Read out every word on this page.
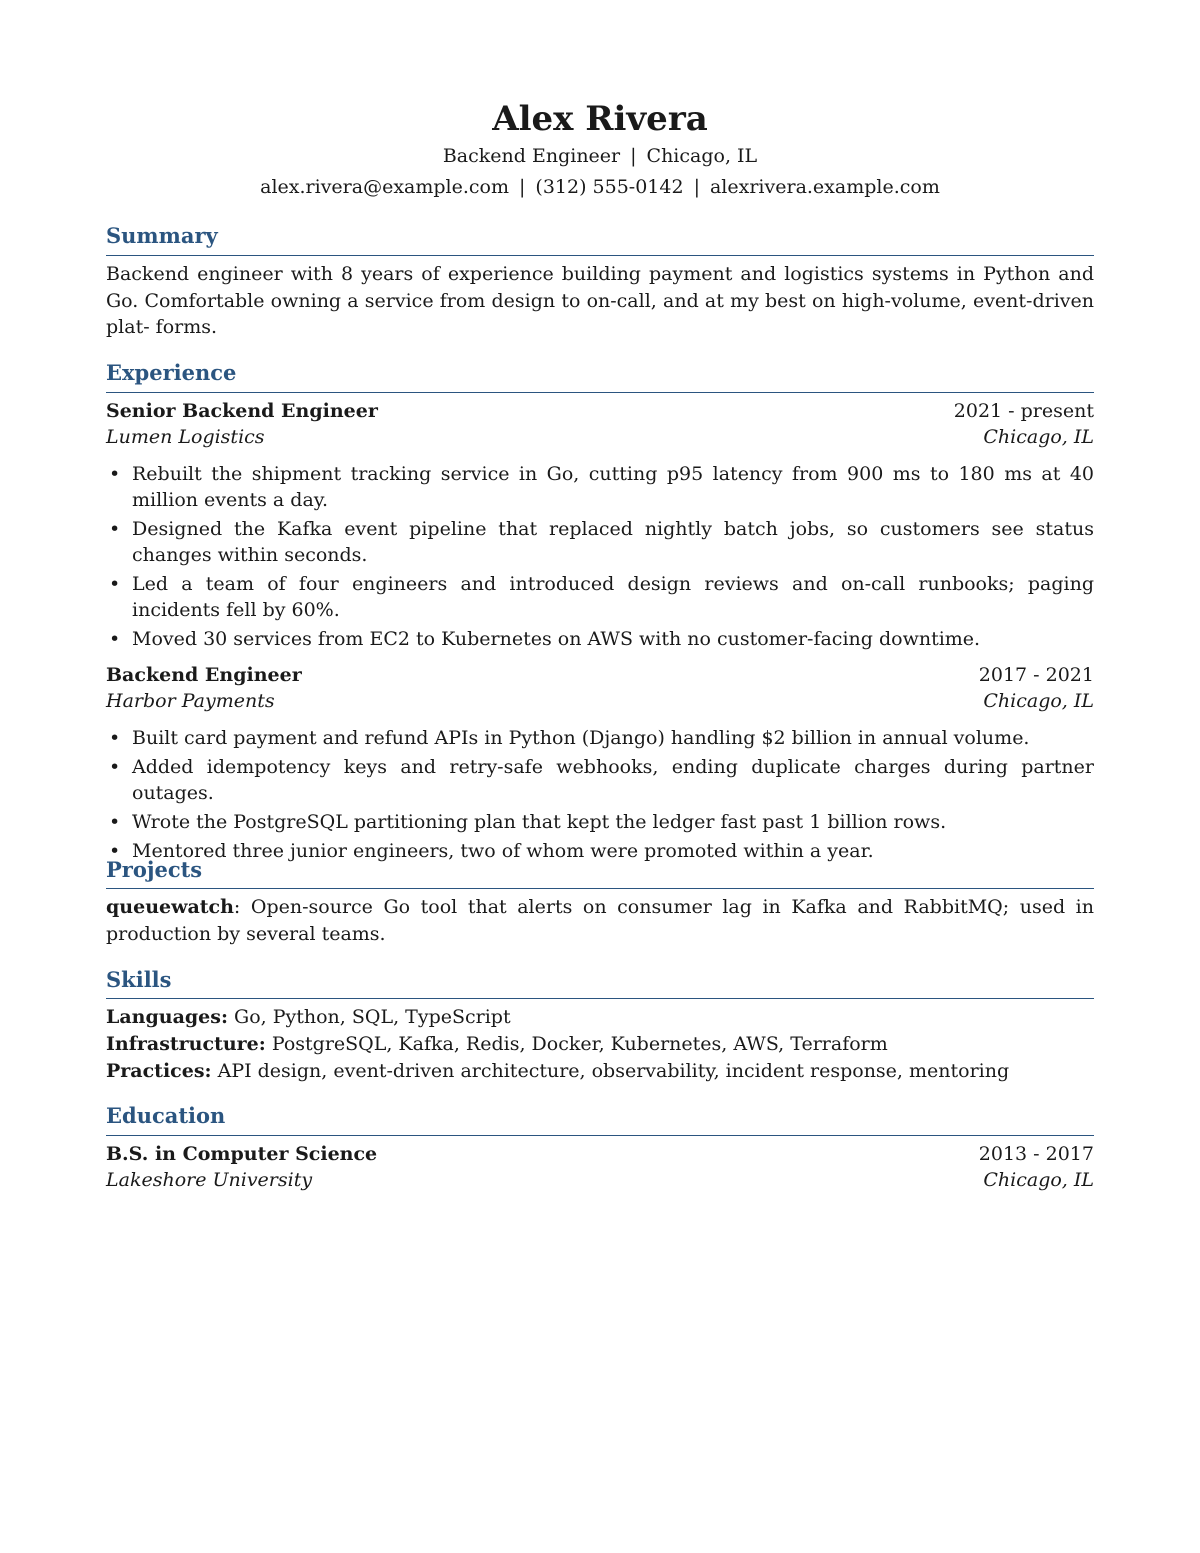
Alex Rivera
Backend Engineer | Chicago, IL
alex.rivera@example.com | (312) 555-0142 | alexrivera.example.com
Summary

Backend engineer with 8 years of experience building payment and logistics systems in Python and Go. Comfortable owning a service from design to on-call, and at my best on high-volume, event-driven plat- forms.

Experience
Senior Backend Engineer	2021 - present
Lumen Logistics	Chicago, IL
• Rebuilt the shipment tracking service in Go, cutting p95 latency from 900 ms to 180 ms at 40 million events a day.
• Designed the Kafka event pipeline that replaced nightly batch jobs, so customers see status changes within seconds.
• Led a team of four engineers and introduced design reviews and on-call runbooks; paging incidents fell by 60%.
• Moved 30 services from EC2 to Kubernetes on AWS with no customer-facing downtime.
Backend Engineer	2017 - 2021
Harbor Payments	Chicago, IL
• Built card payment and refund APIs in Python (Django) handling $2 billion in annual volume.
• Added idempotency keys and retry-safe webhooks, ending duplicate charges during partner outages.
• Wrote the PostgreSQL partitioning plan that kept the ledger fast past 1 billion rows.
• Mentored three junior engineers, two of whom were promoted within a year.
Projects

queuewatch: Open-source Go tool that alerts on consumer lag in Kafka and RabbitMQ; used in production by several teams.

Skills
Languages: Go, Python, SQL, TypeScript
Infrastructure: PostgreSQL, Kafka, Redis, Docker, Kubernetes, AWS, Terraform
Practices: API design, event-driven architecture, observability, incident response, mentoring
Education
B.S. in Computer Science	2013 - 2017
Lakeshore University	Chicago, IL
